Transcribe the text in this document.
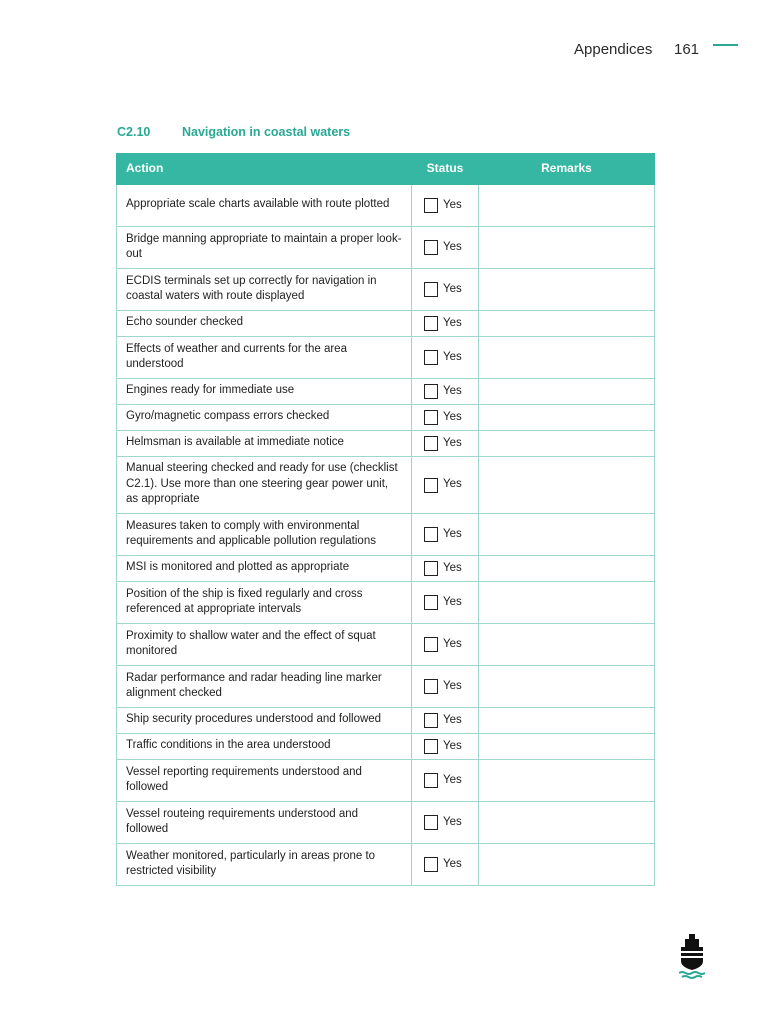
Appendices 161
C2.10	Navigation in coastal waters
Action	Status	Remarks
Appropriate scale charts available with route plotted	Yes	

Bridge manning appropriate to maintain a proper look-out	Yes	

ECDIS terminals set up correctly for navigation in coastal waters with route displayed	Yes	

Echo sounder checked	Yes	

Effects of weather and currents for the area understood	Yes	

Engines ready for immediate use	Yes	

Gyro/magnetic compass errors checked	Yes	

Helmsman is available at immediate notice	Yes	

Manual steering checked and ready for use (checklist C2.1). Use more than one steering gear power unit, as appropriate	Yes	

Measures taken to comply with environmental requirements and applicable pollution regulations	Yes	

MSI is monitored and plotted as appropriate	Yes	

Position of the ship is fixed regularly and cross referenced at appropriate intervals	Yes	

Proximity to shallow water and the effect of squat monitored	Yes	

Radar performance and radar heading line marker alignment checked	Yes	

Ship security procedures understood and followed	Yes	

Traffic conditions in the area understood	Yes	

Vessel reporting requirements understood and followed	Yes	

Vessel routeing requirements understood and followed	Yes	

Weather monitored, particularly in areas prone to restricted visibility	Yes	
